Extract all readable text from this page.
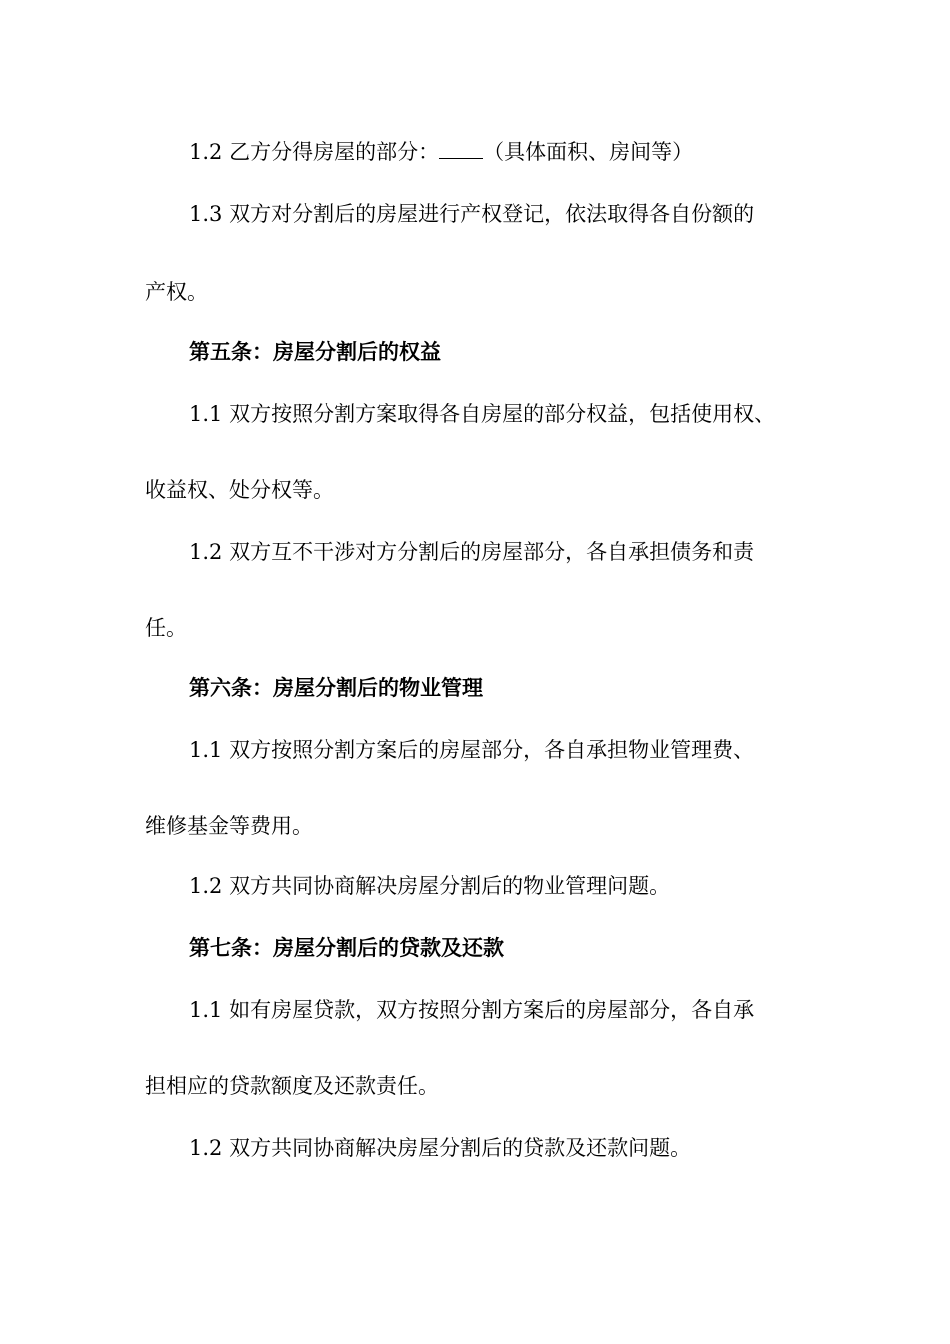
1.2 乙方分得房屋的部分： （具体面积、房间等）

1.3 双方对分割后的房屋进行产权登记，依法取得各自份额的

产权。

第五条：房屋分割后的权益

1.1 双方按照分割方案取得各自房屋的部分权益，包括使用权、

收益权、处分权等。

1.2 双方互不干涉对方分割后的房屋部分，各自承担债务和责

任。

第六条：房屋分割后的物业管理

1.1 双方按照分割方案后的房屋部分，各自承担物业管理费、

维修基金等费用。

1.2 双方共同协商解决房屋分割后的物业管理问题。

第七条：房屋分割后的贷款及还款

1.1 如有房屋贷款，双方按照分割方案后的房屋部分，各自承

担相应的贷款额度及还款责任。

1.2 双方共同协商解决房屋分割后的贷款及还款问题。
